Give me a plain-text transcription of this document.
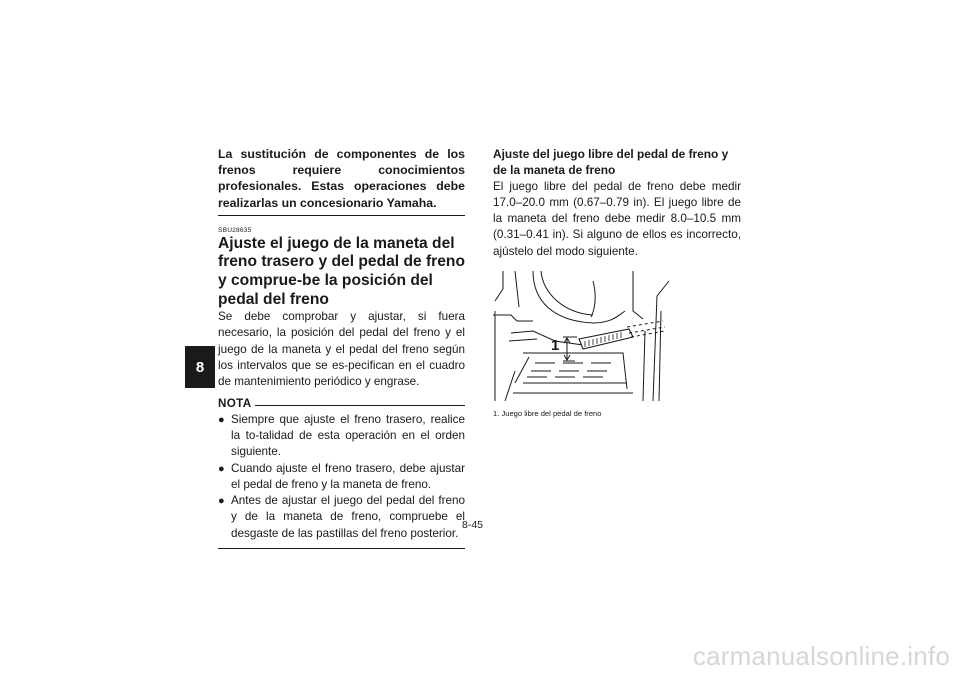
8
La sustitución de componentes de los frenos requiere conocimientos profesionales. Estas operaciones debe realizarlas un concesionario Yamaha.
SBU28635
Ajuste el juego de la maneta del freno trasero y del pedal de freno y comprue-be la posición del pedal del freno
Se debe comprobar y ajustar, si fuera necesario, la posición del pedal del freno y el juego de la maneta y el pedal del freno según los intervalos que se es-pecifican en el cuadro de mantenimiento periódico y engrase.
NOTA
● Siempre que ajuste el freno trasero, realice la to-talidad de esta operación en el orden siguiente.
● Cuando ajuste el freno trasero, debe ajustar el pedal de freno y la maneta de freno.
● Antes de ajustar el juego del pedal del freno y de la maneta de freno, compruebe el desgaste de las pastillas del freno posterior.
Ajuste del juego libre del pedal de freno y de la maneta de freno
El juego libre del pedal de freno debe medir 17.0–20.0 mm (0.67–0.79 in). El juego libre de la maneta del freno debe medir 8.0–10.5 mm (0.31–0.41 in). Si alguno de ellos es incorrecto, ajústelo del modo siguiente.
1
1. Juego libre del pedal de freno
8-45
carmanualsonline.info
